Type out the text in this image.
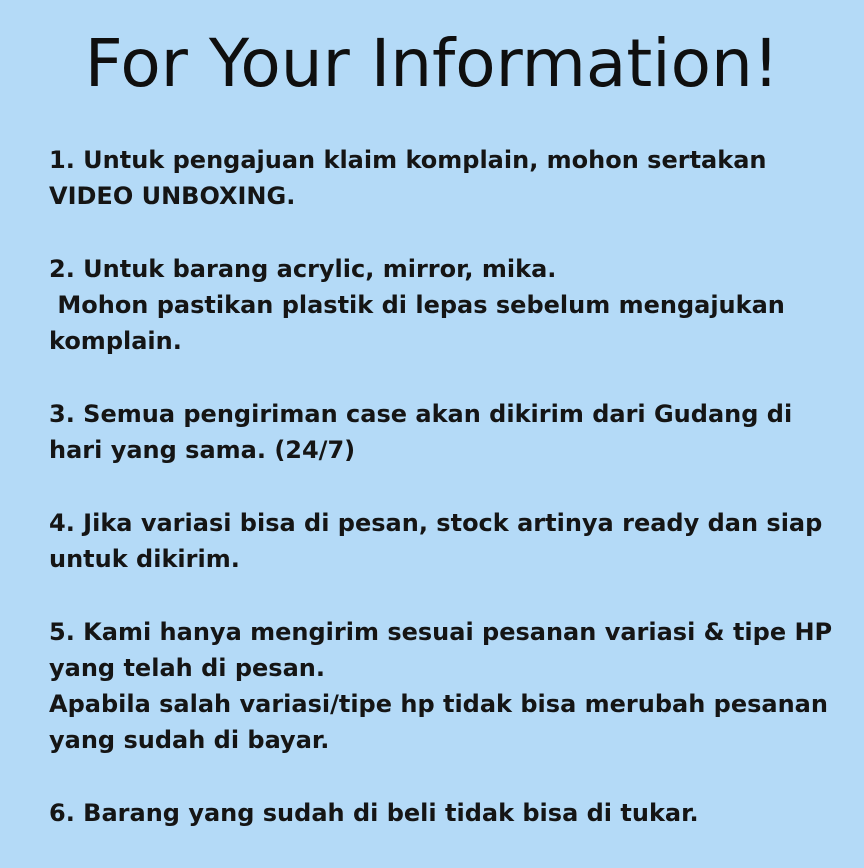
For Your Information!
1. Untuk pengajuan klaim komplain, mohon sertakan
VIDEO UNBOXING.
2. Untuk barang acrylic, mirror, mika.
Mohon pastikan plastik di lepas sebelum mengajukan
komplain.
3. Semua pengiriman case akan dikirim dari Gudang di
hari yang sama. (24/7)
4. Jika variasi bisa di pesan, stock artinya ready dan siap
untuk dikirim.
5. Kami hanya mengirim sesuai pesanan variasi & tipe HP
yang telah di pesan.
Apabila salah variasi/tipe hp tidak bisa merubah pesanan
yang sudah di bayar.
6. Barang yang sudah di beli tidak bisa di tukar.
